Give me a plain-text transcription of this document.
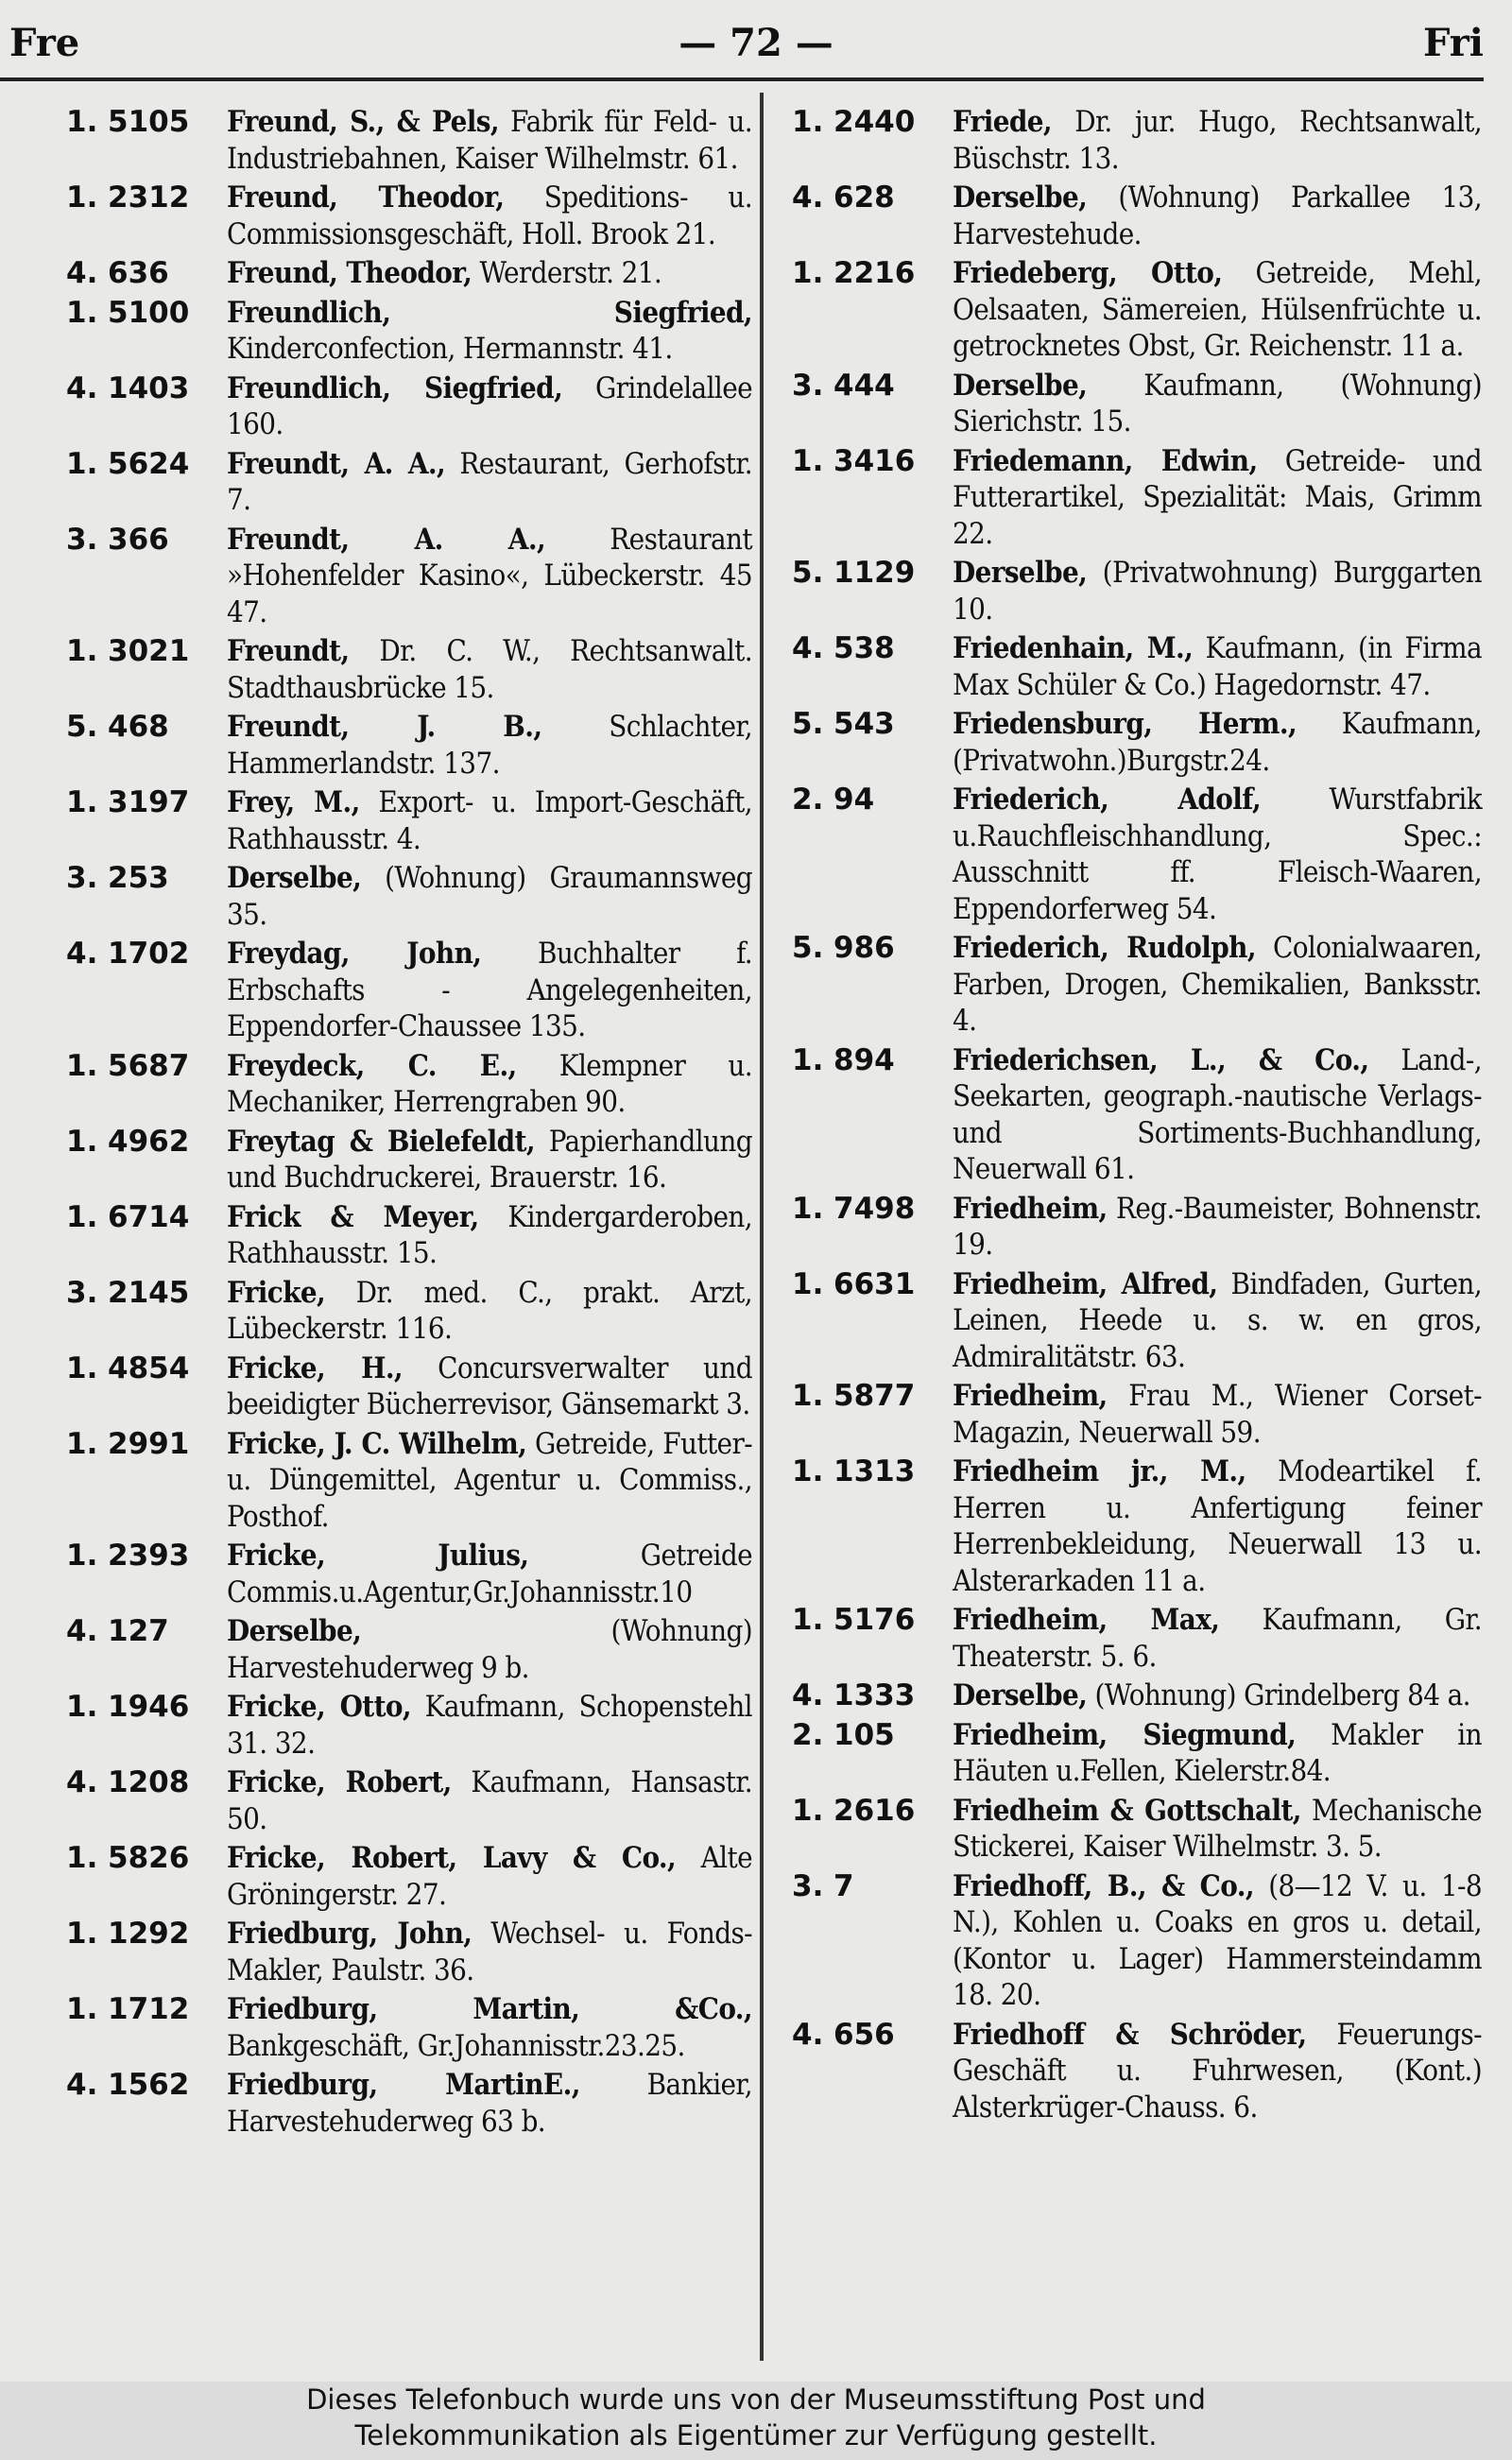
Fre	— 72 —	Fri
1. 5105	Freund, S., & Pels, Fabrik für Feld- u. Industriebahnen, Kaiser Wilhelmstr. 61.
1. 2312	Freund, Theodor, Speditions- u. Commissionsgeschäft, Holl. Brook 21.
4. 636	Freund, Theodor, Werderstr. 21.
1. 5100	Freundlich, Siegfried, Kinderconfection, Hermannstr. 41.
4. 1403	Freundlich, Siegfried, Grindelallee 160.
1. 5624	Freundt, A. A., Restaurant, Gerhofstr. 7.
3. 366	Freundt, A. A., Restaurant »Hohenfelder Kasino«, Lübeckerstr. 45 47.
1. 3021	Freundt, Dr. C. W., Rechtsanwalt. Stadthausbrücke 15.
5. 468	Freundt, J. B., Schlachter, Hammerlandstr. 137.
1. 3197	Frey, M., Export- u. Import-Geschäft, Rathhausstr. 4.
3. 253	Derselbe, (Wohnung) Graumannsweg 35.
4. 1702	Freydag, John, Buchhalter f. Erbschafts - Angelegenheiten, Eppendorfer-Chaussee 135.
1. 5687	Freydeck, C. E., Klempner u. Mechaniker, Herrengraben 90.
1. 4962	Freytag & Bielefeldt, Papierhandlung und Buchdruckerei, Brauerstr. 16.
1. 6714	Frick & Meyer, Kindergarderoben, Rathhausstr. 15.
3. 2145	Fricke, Dr. med. C., prakt. Arzt, Lübeckerstr. 116.
1. 4854	Fricke, H., Concursverwalter und beeidigter Bücherrevisor, Gänsemarkt 3.
1. 2991	Fricke, J. C. Wilhelm, Getreide, Futter- u. Düngemittel, Agentur u. Commiss., Posthof.
1. 2393	Fricke, Julius, Getreide Commis.u.Agentur,Gr.Johannisstr.10
4. 127	Derselbe, (Wohnung) Harvestehuderweg 9 b.
1. 1946	Fricke, Otto, Kaufmann, Schopenstehl 31. 32.
4. 1208	Fricke, Robert, Kaufmann, Hansastr. 50.
1. 5826	Fricke, Robert, Lavy & Co., Alte Gröningerstr. 27.
1. 1292	Friedburg, John, Wechsel- u. Fonds-Makler, Paulstr. 36.
1. 1712	Friedburg, Martin, &Co., Bankgeschäft, Gr.Johannisstr.23.25.
4. 1562	Friedburg, MartinE., Bankier, Harvestehuderweg 63 b.
1. 2440	Friede, Dr. jur. Hugo, Rechtsanwalt, Büschstr. 13.
4. 628	Derselbe, (Wohnung) Parkallee 13, Harvestehude.
1. 2216	Friedeberg, Otto, Getreide, Mehl, Oelsaaten, Sämereien, Hülsenfrüchte u. getrocknetes Obst, Gr. Reichenstr. 11 a.
3. 444	Derselbe, Kaufmann, (Wohnung) Sierichstr. 15.
1. 3416	Friedemann, Edwin, Getreide- und Futterartikel, Spezialität: Mais, Grimm 22.
5. 1129	Derselbe, (Privatwohnung) Burggarten 10.
4. 538	Friedenhain, M., Kaufmann, (in Firma Max Schüler & Co.) Hagedornstr. 47.
5. 543	Friedensburg, Herm., Kaufmann,(Privatwohn.)Burgstr.24.
2. 94	Friederich, Adolf, Wurstfabrik u.Rauchfleischhandlung, Spec.: Ausschnitt ff. Fleisch-Waaren, Eppendorferweg 54.
5. 986	Friederich, Rudolph, Colonialwaaren, Farben, Drogen, Chemikalien, Banksstr. 4.
1. 894	Friederichsen, L., & Co., Land-, Seekarten, geograph.-nautische Verlags- und Sortiments-Buchhandlung, Neuerwall 61.
1. 7498	Friedheim, Reg.-Baumeister, Bohnenstr. 19.
1. 6631	Friedheim, Alfred, Bindfaden, Gurten, Leinen, Heede u. s. w. en gros, Admiralitätstr. 63.
1. 5877	Friedheim, Frau M., Wiener Corset-Magazin, Neuerwall 59.
1. 1313	Friedheim jr., M., Modeartikel f. Herren u. Anfertigung feiner Herrenbekleidung, Neuerwall 13 u. Alsterarkaden 11 a.
1. 5176	Friedheim, Max, Kaufmann, Gr. Theaterstr. 5. 6.
4. 1333	Derselbe, (Wohnung) Grindelberg 84 a.
2. 105	Friedheim, Siegmund, Makler in Häuten u.Fellen, Kielerstr.84.
1. 2616	Friedheim & Gottschalt, Mechanische Stickerei, Kaiser Wilhelmstr. 3. 5.
3. 7	Friedhoff, B., & Co., (8—12 V. u. 1-8 N.), Kohlen u. Coaks en gros u. detail, (Kontor u. Lager) Hammersteindamm 18. 20.
4. 656	Friedhoff & Schröder, Feuerungs-Geschäft u. Fuhrwesen, (Kont.) Alsterkrüger-Chauss. 6.
Dieses Telefonbuch wurde uns von der Museumsstiftung Post und
Telekommunikation als Eigentümer zur Verfügung gestellt.
